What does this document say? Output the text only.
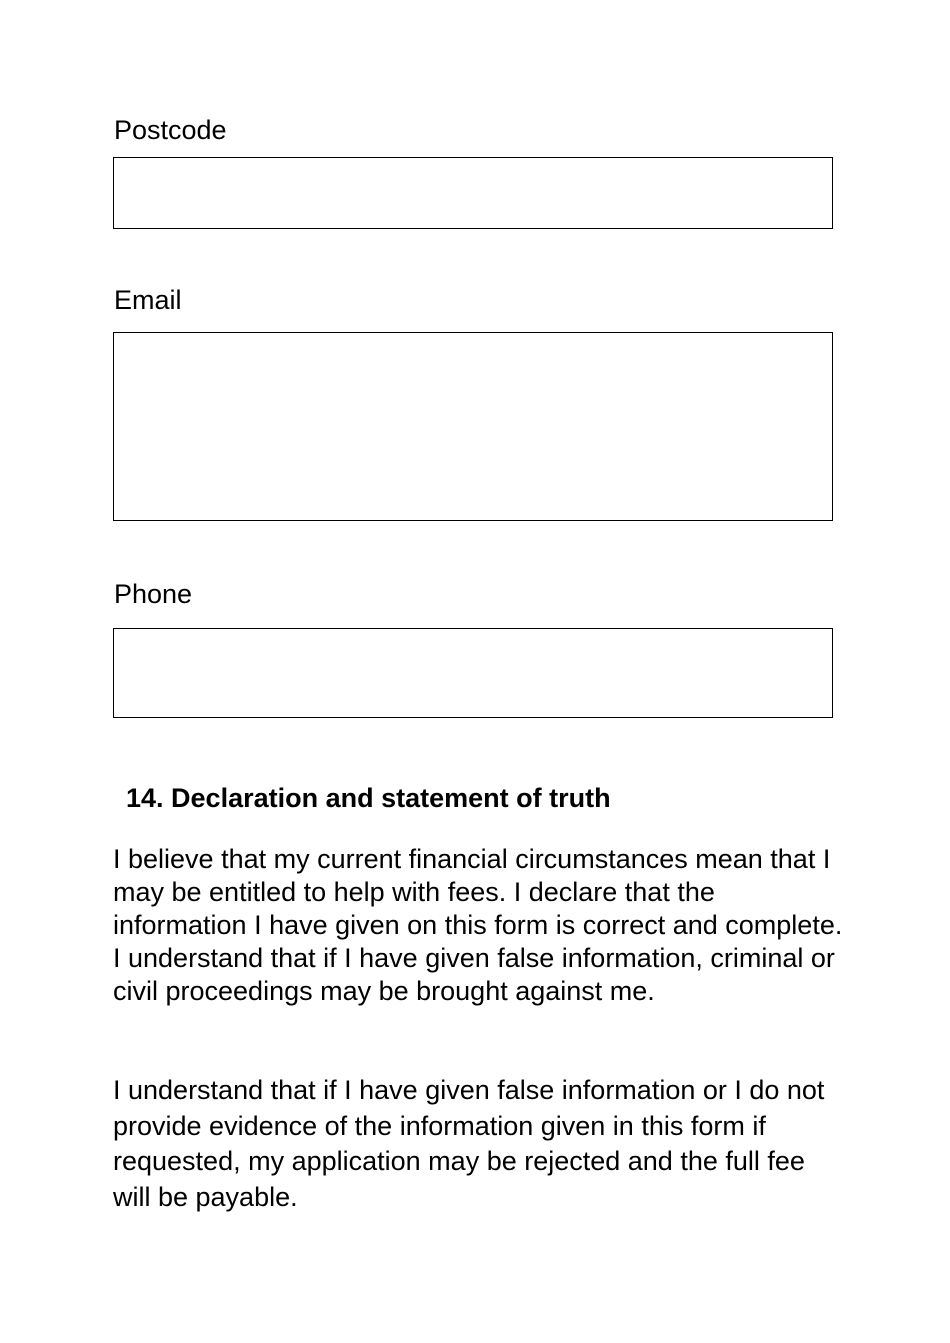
Postcode
Email
Phone
14. Declaration and statement of truth

I believe that my current financial circumstances mean that I may be entitled to help with fees. I declare that the information I have given on this form is correct and complete. I understand that if I have given false information, criminal or civil proceedings may be brought against me.

I understand that if I have given false information or I do not provide evidence of the information given in this form if requested, my application may be rejected and the full fee will be payable.
